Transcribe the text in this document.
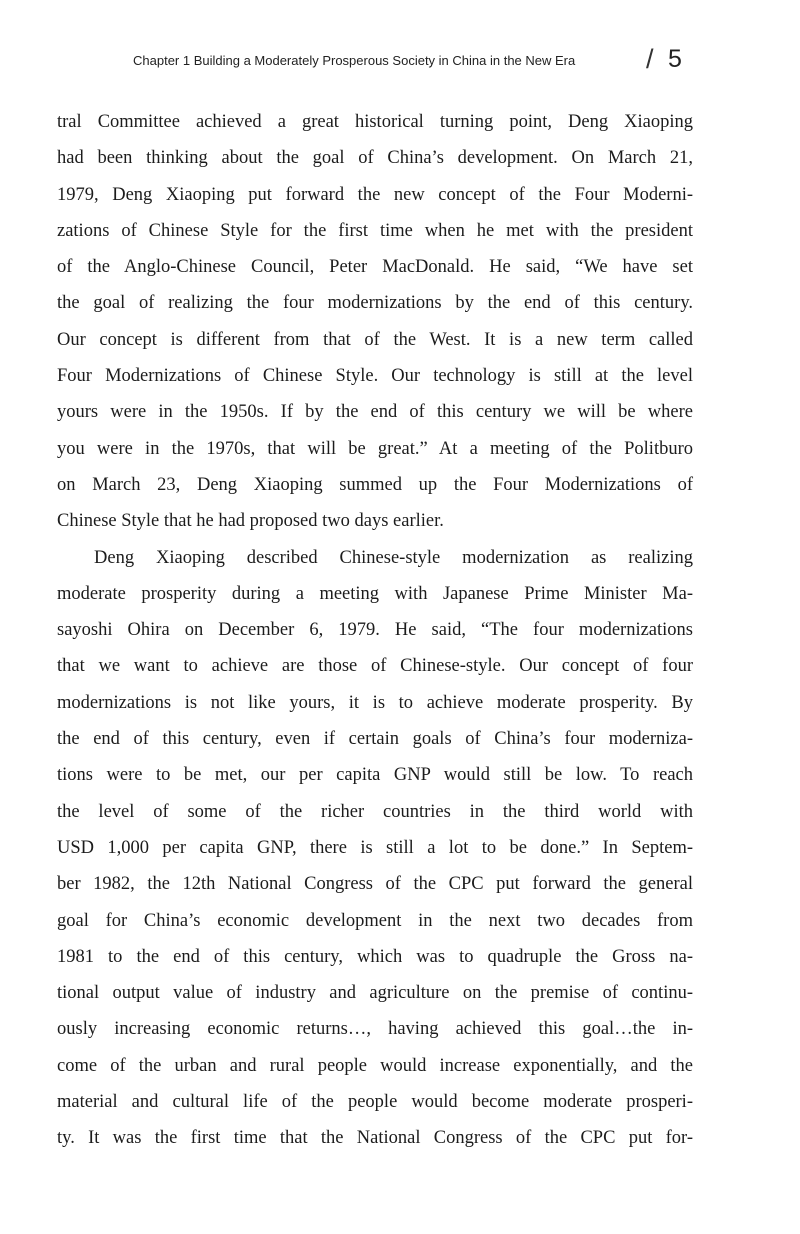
Chapter 1 Building a Moderately Prosperous Society in China in the New Era	/ 5
tral Committee achieved a great historical turning point, Deng Xiaoping
had been thinking about the goal of China’s development. On March 21,
1979, Deng Xiaoping put forward the new concept of the Four Moderni-
zations of Chinese Style for the first time when he met with the president
of the Anglo-Chinese Council, Peter MacDonald. He said, “We have set
the goal of realizing the four modernizations by the end of this century.
Our concept is different from that of the West. It is a new term called
Four Modernizations of Chinese Style. Our technology is still at the level
yours were in the 1950s. If by the end of this century we will be where
you were in the 1970s, that will be great.” At a meeting of the Politburo
on March 23, Deng Xiaoping summed up the Four Modernizations of
Chinese Style that he had proposed two days earlier.
Deng Xiaoping described Chinese-style modernization as realizing
moderate prosperity during a meeting with Japanese Prime Minister Ma-
sayoshi Ohira on December 6, 1979. He said, “The four modernizations
that we want to achieve are those of Chinese-style. Our concept of four
modernizations is not like yours, it is to achieve moderate prosperity. By
the end of this century, even if certain goals of China’s four moderniza-
tions were to be met, our per capita GNP would still be low. To reach
the level of some of the richer countries in the third world with
USD 1,000 per capita GNP, there is still a lot to be done.” In Septem-
ber 1982, the 12th National Congress of the CPC put forward the general
goal for China’s economic development in the next two decades from
1981 to the end of this century, which was to quadruple the Gross na-
tional output value of industry and agriculture on the premise of continu-
ously increasing economic returns…, having achieved this goal…the in-
come of the urban and rural people would increase exponentially, and the
material and cultural life of the people would become moderate prosperi-
ty. It was the first time that the National Congress of the CPC put for-
